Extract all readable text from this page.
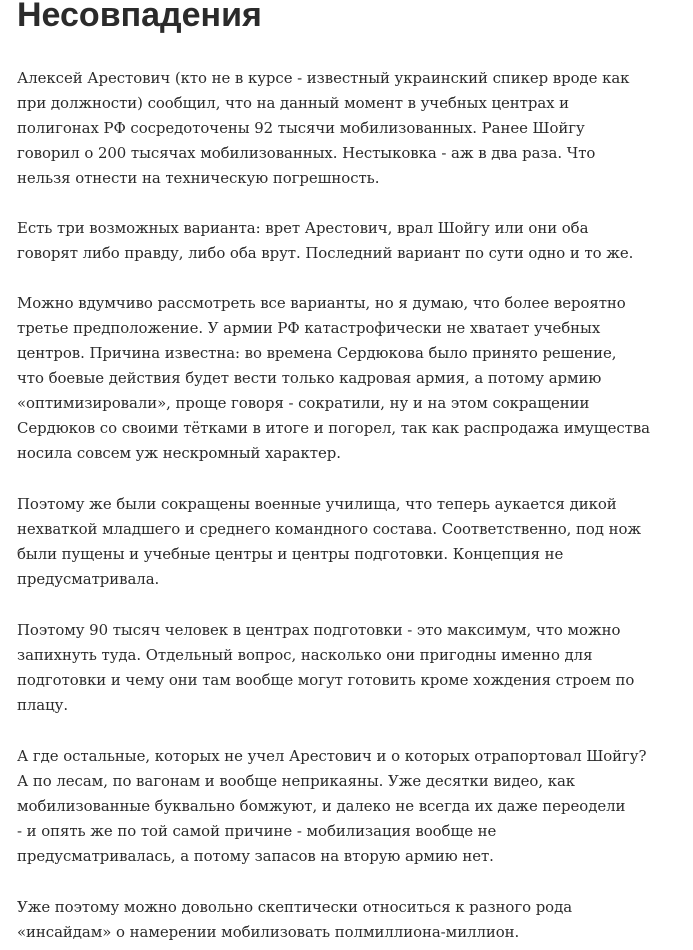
Несовпадения
Алексей Арестович (кто не в курсе - известный украинский спикер вроде как
при должности) сообщил, что на данный момент в учебных центрах и
полигонах РФ сосредоточены 92 тысячи мобилизованных. Ранее Шойгу
говорил о 200 тысячах мобилизованных. Нестыковка - аж в два раза. Что
нельзя отнести на техническую погрешность.
Есть три возможных варианта: врет Арестович, врал Шойгу или они оба
говорят либо правду, либо оба врут. Последний вариант по сути одно и то же.
Можно вдумчиво рассмотреть все варианты, но я думаю, что более вероятно
третье предположение. У армии РФ катастрофически не хватает учебных
центров. Причина известна: во времена Сердюкова было принято решение,
что боевые действия будет вести только кадровая армия, а потому армию
«оптимизировали», проще говоря - сократили, ну и на этом сокращении
Сердюков со своими тётками в итоге и погорел, так как распродажа имущества
носила совсем уж нескромный характер.
Поэтому же были сокращены военные училища, что теперь аукается дикой
нехваткой младшего и среднего командного состава. Соответственно, под нож
были пущены и учебные центры и центры подготовки. Концепция не
предусматривала.
Поэтому 90 тысяч человек в центрах подготовки - это максимум, что можно
запихнуть туда. Отдельный вопрос, насколько они пригодны именно для
подготовки и чему они там вообще могут готовить кроме хождения строем по
плацу.
А где остальные, которых не учел Арестович и о которых отрапортовал Шойгу?
А по лесам, по вагонам и вообще неприкаяны. Уже десятки видео, как
мобилизованные буквально бомжуют, и далеко не всегда их даже переодели
- и опять же по той самой причине - мобилизация вообще не
предусматривалась, а потому запасов на вторую армию нет.
Уже поэтому можно довольно скептически относиться к разного рода
«инсайдам» о намерении мобилизовать полмиллиона-миллион.
